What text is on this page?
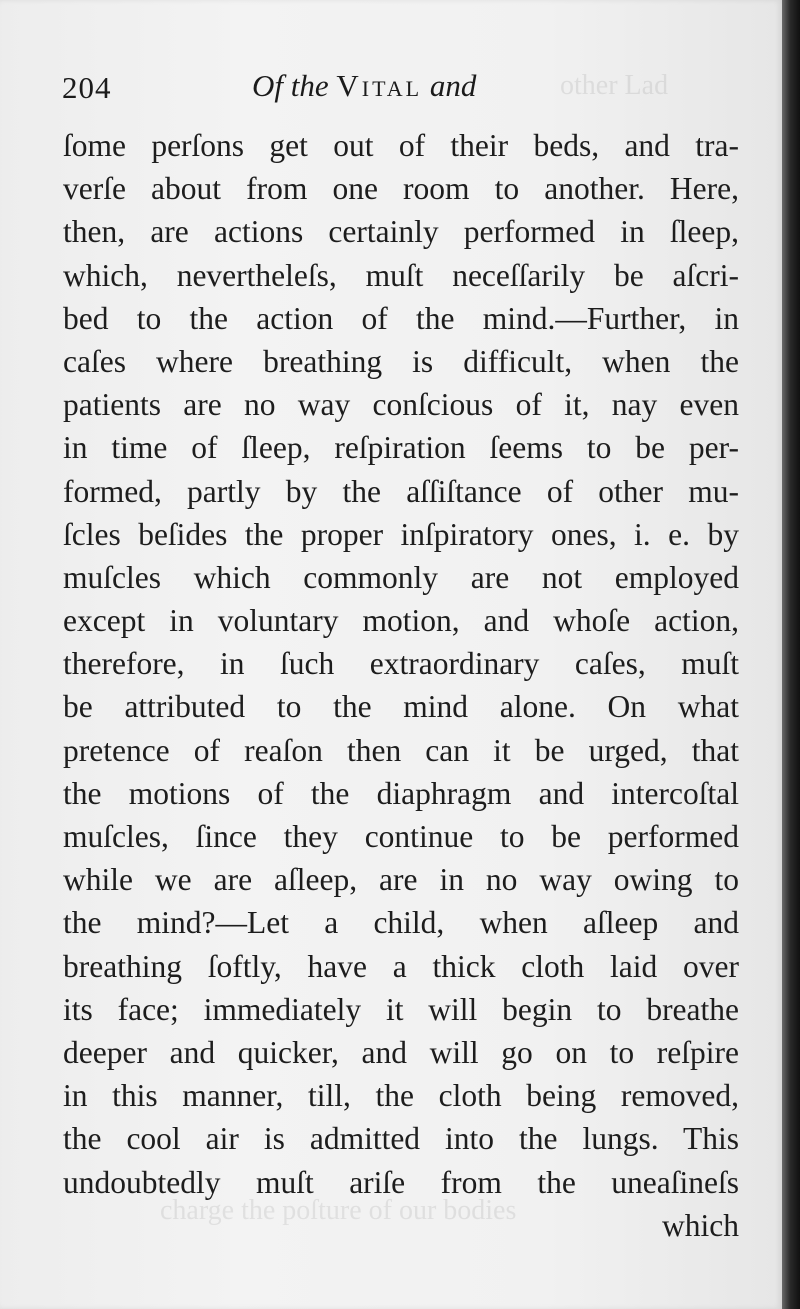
other Lad
charge the poſture of our bodies
204	Of the Vital and
ſome perſons get out of their beds, and tra-
verſe about from one room to another. Here,
then, are actions certainly performed in ſleep,
which, neverthelеſs, muſt neceſſarily be aſcri-
bed to the action of the mind.—Further, in
caſes where breathing is difficult, when the
patients are no way conſcious of it, nay even
in time of ſleep, reſpiration ſeems to be per-
formed, partly by the aſſiſtance of other mu-
ſcles beſides the proper inſpiratory ones, i. e. by
muſcles which commonly are not employed
except in voluntary motion, and whoſe action,
therefore, in ſuch extraordinary caſes, muſt
be attributed to the mind alone. On what
pretence of reaſon then can it be urged, that
the motions of the diaphragm and intercoſtal
muſcles, ſince they continue to be performed
while we are aſleep, are in no way owing to
the mind?—Let a child, when aſleep and
breathing ſoftly, have a thick cloth laid over
its face; immediately it will begin to breathe
deeper and quicker, and will go on to reſpire
in this manner, till, the cloth being removed,
the cool air is admitted into the lungs. This
undoubtedly muſt ariſe from the uneaſineſs
which
